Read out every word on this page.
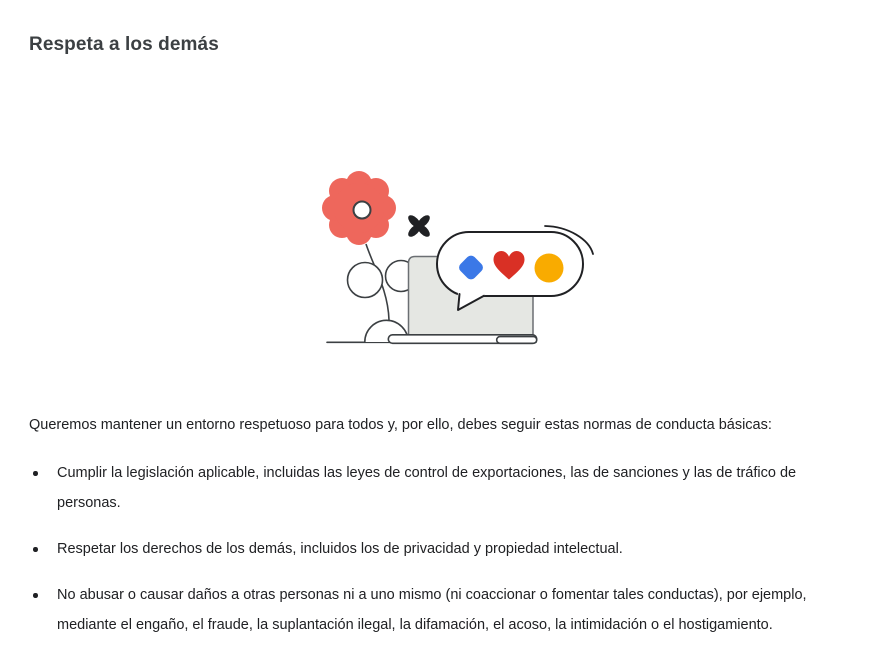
Respeta a los demás

Queremos mantener un entorno respetuoso para todos y, por ello, debes seguir estas normas de conducta básicas:

Cumplir la legislación aplicable, incluidas las leyes de control de exportaciones, las de sanciones y las de tráfico de personas.
Respetar los derechos de los demás, incluidos los de privacidad y propiedad intelectual.
No abusar o causar daños a otras personas ni a uno mismo (ni coaccionar o fomentar tales conductas), por ejemplo, mediante el engaño, el fraude, la suplantación ilegal, la difamación, el acoso, la intimidación o el hostigamiento.
